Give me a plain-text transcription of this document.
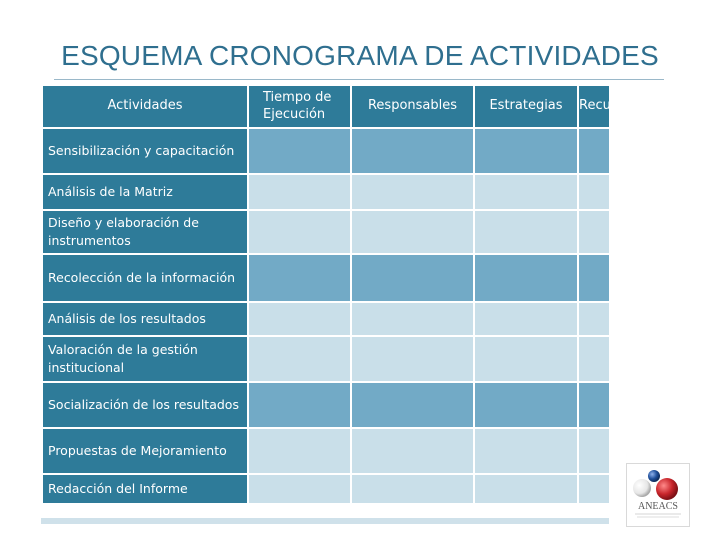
ESQUEMA CRONOGRAMA DE ACTIVIDADES
Actividades	Tiempo de Ejecución	Responsables	Estrategias	Recursos
Sensibilización y capacitación				
Análisis de la Matriz				
Diseño y elaboración de instrumentos				
Recolección de la información				
Análisis de los resultados				
Valoración de la gestión institucional				
Socialización de los resultados				
Propuestas de Mejoramiento				
Redacción del Informe				
ANEACS
